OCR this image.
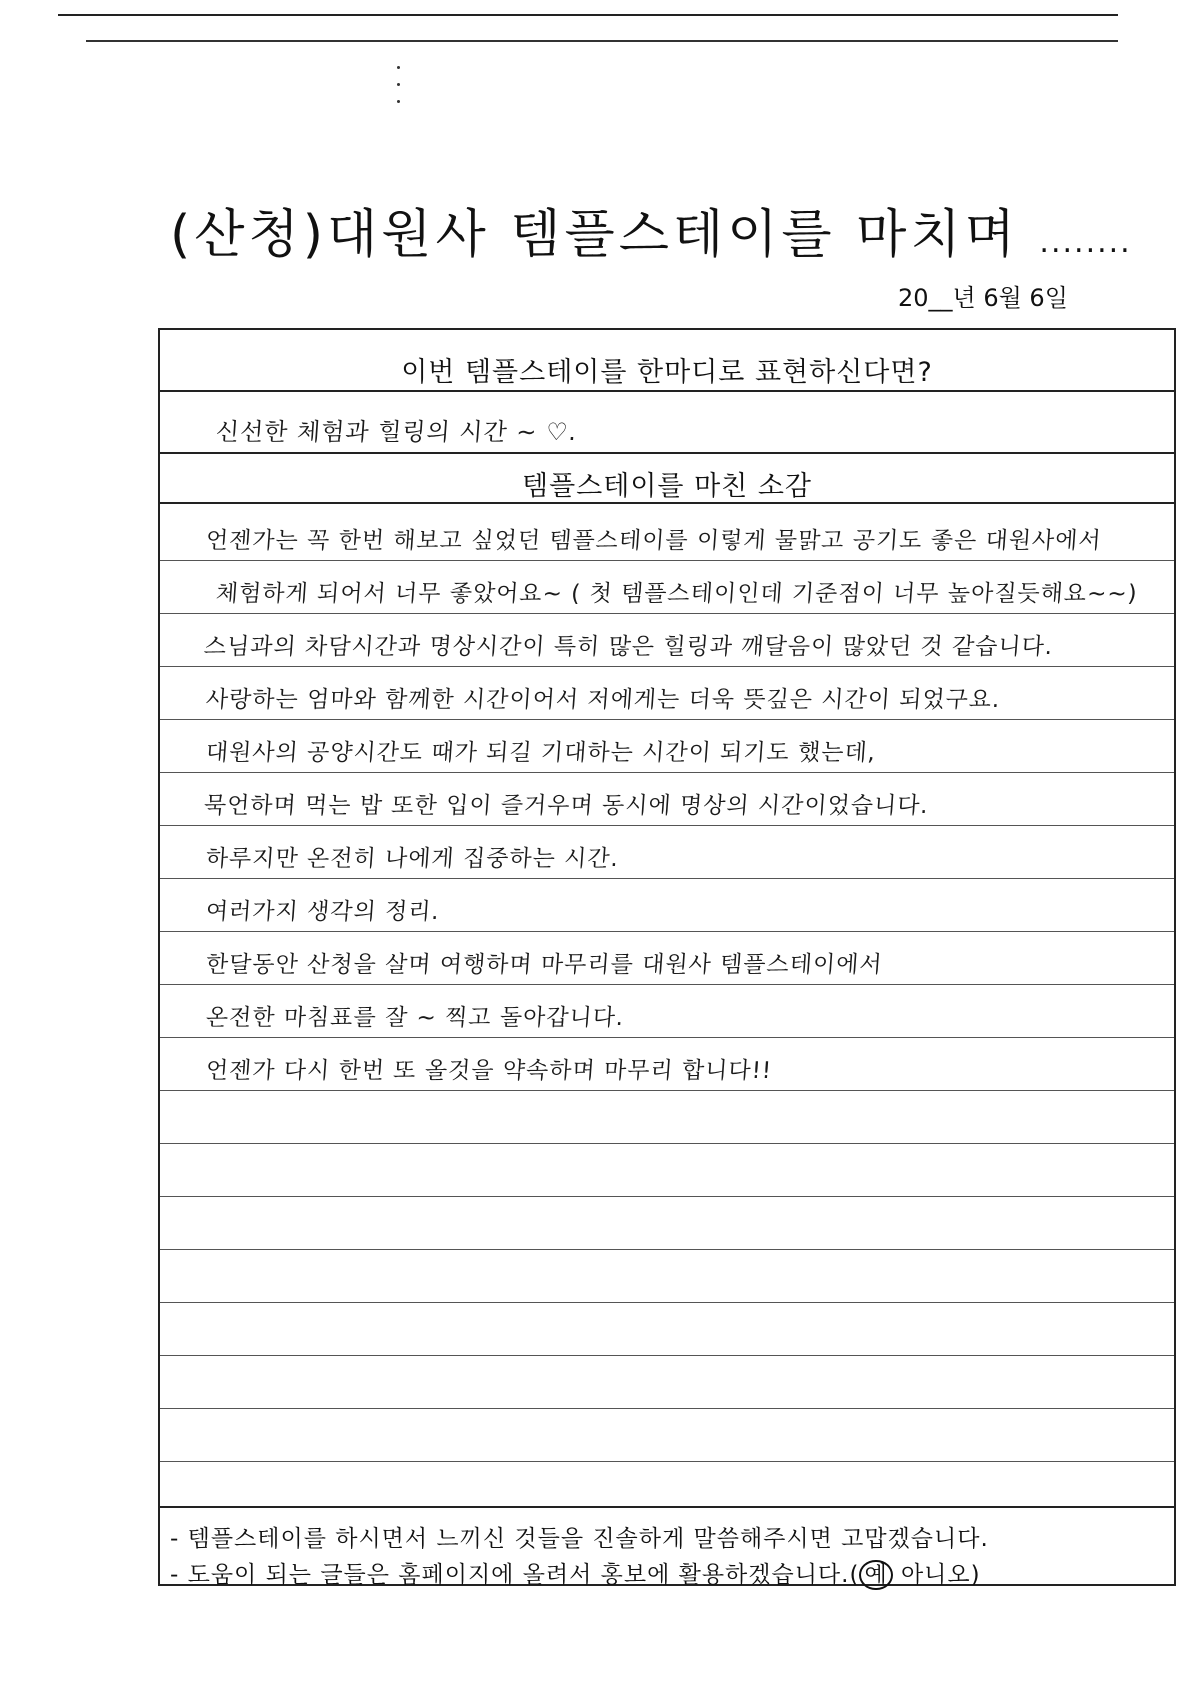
(산청)대원사 템플스테이를 마치며 ........
20__년 6월 6일
이번 템플스테이를 한마디로 표현하신다면?
신선한 체험과 힐링의 시간 ~ ♡.
템플스테이를 마친 소감
언젠가는 꼭 한번 해보고 싶었던 템플스테이를 이렇게 물맑고 공기도 좋은 대원사에서
체험하게 되어서 너무 좋았어요~ ( 첫 템플스테이인데 기준점이 너무 높아질듯해요~~)
스님과의 차담시간과 명상시간이 특히 많은 힐링과 깨달음이 많았던 것 같습니다.
사랑하는 엄마와 함께한 시간이어서 저에게는 더욱 뜻깊은 시간이 되었구요.
대원사의 공양시간도 때가 되길 기대하는 시간이 되기도 했는데,
묵언하며 먹는 밥 또한 입이 즐거우며 동시에 명상의 시간이었습니다.
하루지만 온전히 나에게 집중하는 시간.
여러가지 생각의 정리.
한달동안 산청을 살며 여행하며 마무리를 대원사 템플스테이에서
온전한 마침표를 잘 ~ 찍고 돌아갑니다.
언젠가 다시 한번 또 올것을 약속하며 마무리 합니다!!
- 템플스테이를 하시면서 느끼신 것들을 진솔하게 말씀해주시면 고맙겠습니다.
- 도움이 되는 글들은 홈페이지에 올려서 홍보에 활용하겠습니다.( 예 아니오)
